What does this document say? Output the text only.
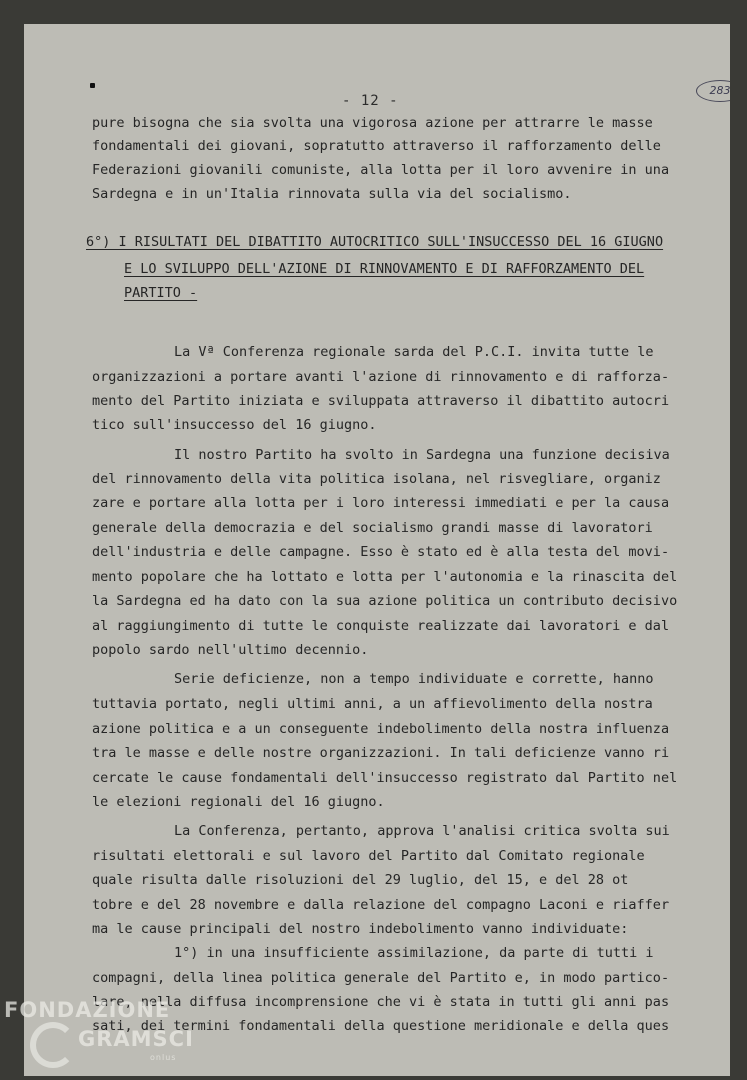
- 12 -
283
pure bisogna che sia svolta una vigorosa azione per attrarre le masse
fondamentali dei giovani, sopratutto attraverso il rafforzamento delle
Federazioni giovanili comuniste, alla lotta per il loro avvenire in una
Sardegna e in un'Italia rinnovata sulla via del socialismo.
6°) I RISULTATI DEL DIBATTITO AUTOCRITICO SULL'INSUCCESSO DEL 16 GIUGNO
E LO SVILUPPO DELL'AZIONE DI RINNOVAMENTO E DI RAFFORZAMENTO DEL
PARTITO -
La Vª Conferenza regionale sarda del P.C.I. invita tutte le
organizzazioni a portare avanti l'azione di rinnovamento e di rafforza-
mento del Partito iniziata e sviluppata attraverso il dibattito autocri
tico sull'insuccesso del 16 giugno.
Il nostro Partito ha svolto in Sardegna una funzione decisiva
del rinnovamento della vita politica isolana, nel risvegliare, organiz
zare e portare alla lotta per i loro interessi immediati e per la causa
generale della democrazia e del socialismo grandi masse di lavoratori
dell'industria e delle campagne. Esso è stato ed è alla testa del movi-
mento popolare che ha lottato e lotta per l'autonomia e la rinascita del
la Sardegna ed ha dato con la sua azione politica un contributo decisivo
al raggiungimento di tutte le conquiste realizzate dai lavoratori e dal
popolo sardo nell'ultimo decennio.
Serie deficienze, non a tempo individuate e corrette, hanno
tuttavia portato, negli ultimi anni, a un affievolimento della nostra
azione politica e a un conseguente indebolimento della nostra influenza
tra le masse e delle nostre organizzazioni. In tali deficienze vanno ri
cercate le cause fondamentali dell'insuccesso registrato dal Partito nel
le elezioni regionali del 16 giugno.
La Conferenza, pertanto, approva l'analisi critica svolta sui
risultati elettorali e sul lavoro del Partito dal Comitato regionale
quale risulta dalle risoluzioni del 29 luglio, del 15, e del 28 ot
tobre e del 28 novembre e dalla relazione del compagno Laconi e riaffer
ma le cause principali del nostro indebolimento vanno individuate:
1°) in una insufficiente assimilazione, da parte di tutti i
compagni, della linea politica generale del Partito e, in modo partico-
lare, nella diffusa incomprensione che vi è stata in tutti gli anni pas
sati, dei termini fondamentali della questione meridionale e della ques
FONDAZIONE
GRAMSCI
onlus
